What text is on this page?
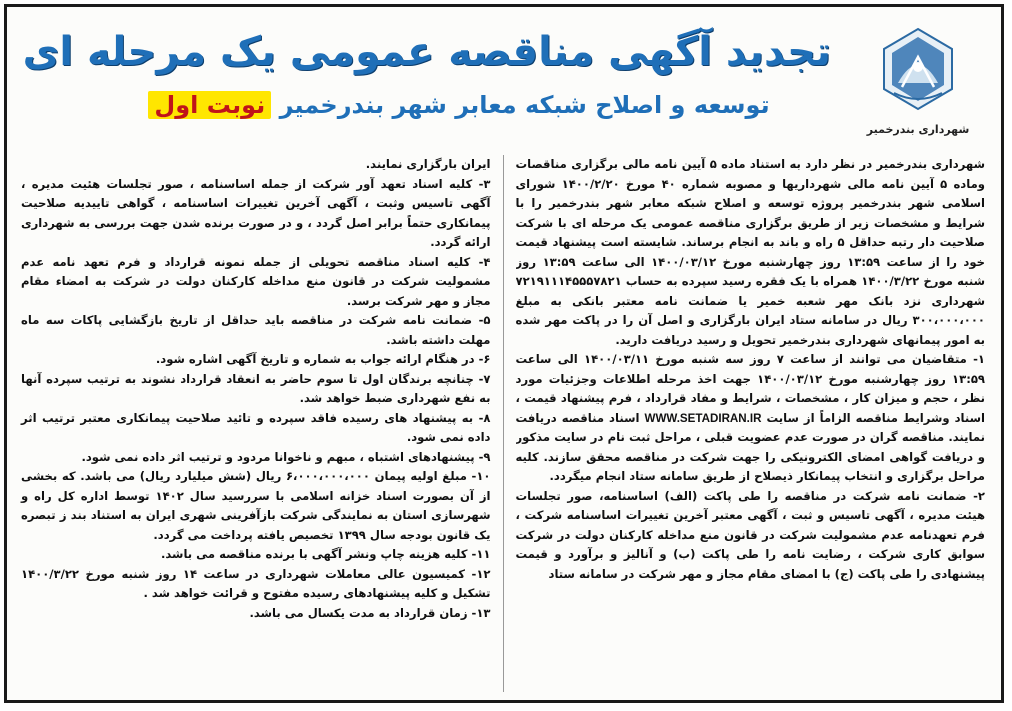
شهرداری بندرخمیر
تجدید آگهی مناقصه عمومی یک مرحله ای
توسعه و اصلاح شبکه معابر شهر بندرخمیر نوبت اول

شهرداری بندرخمیر در نظر دارد به استناد ماده ۵ آیین نامه مالی برگزاری مناقصات وماده ۵ آیین نامه مالی شهرداریها و مصوبه شماره ۴۰ مورخ ۱۴۰۰/۲/۲۰ شورای اسلامی شهر بندرخمیر پروژه توسعه و اصلاح شبکه معابر شهر بندرخمیر را با شرایط و مشخصات زیر از طریق برگزاری مناقصه عمومی یک مرحله ای با شرکت صلاحیت دار رتبه حداقل ۵ راه و باند به انجام برساند. شایسته است پیشنهاد قیمت خود را از ساعت ۱۳:۵۹ روز چهارشنبه مورخ ۱۴۰۰/۰۳/۱۲ الی ساعت ۱۳:۵۹ روز شنبه مورخ ۱۴۰۰/۳/۲۲ همراه با یک فقره رسید سپرده به حساب ۷۲۱۹۱۱۱۴۵۵۵۷۸۲۱ شهرداری نزد بانک مهر شعبه خمیر یا ضمانت نامه معتبر بانکی به مبلغ ۳۰۰،۰۰۰،۰۰۰ ریال در سامانه ستاد ایران بارگزاری و اصل آن را در پاکت مهر شده به امور پیمانهای شهرداری بندرخمیر تحویل و رسید دریافت دارید.

۱- متقاضیان می توانند از ساعت ۷ روز سه شنبه مورخ ۱۴۰۰/۰۳/۱۱ الی ساعت ۱۳:۵۹ روز چهارشنبه مورخ ۱۴۰۰/۰۳/۱۲ جهت اخذ مرحله اطلاعات وجزئیات مورد نظر ، حجم و میزان کار ، مشخصات ، شرایط و مفاد قرارداد ، فرم پیشنهاد قیمت ، اسناد وشرایط مناقصه الزاماً از سایت WWW.SETADIRAN.IR اسناد مناقصه دریافت نمایند. مناقصه گران در صورت عدم عضویت قبلی ، مراحل ثبت نام در سایت مذکور و دریافت گواهی امضای الکترونیکی را جهت شرکت در مناقصه محقق سازند. کلیه مراحل برگزاری و انتخاب پیمانکار ذیصلاح از طریق سامانه ستاد انجام میگردد.

۲- ضمانت نامه شرکت در مناقصه را طی پاکت (الف) اساسنامه، صور تجلسات هیئت مدیره ، آگهی تاسیس و ثبت ، آگهی معتبر آخرین تغییرات اساسنامه شرکت ، فرم تعهدنامه عدم مشمولیت شرکت در قانون منع مداخله کارکنان دولت در شرکت سوابق کاری شرکت ، رضایت نامه را طی پاکت (ب) و آنالیز و برآورد و قیمت پیشنهادی را طی پاکت (ج) با امضای مقام مجاز و مهر شرکت در سامانه ستاد

ایران بارگزاری نمایند.

۳- کلیه اسناد تعهد آور شرکت از جمله اساسنامه ، صور تجلسات هئیت مدیره ، آگهی تاسیس وثبت ، آگهی آخرین تغییرات اساسنامه ، گواهی تاییدیه صلاحیت پیمانکاری حتماً برابر اصل گردد ، و در صورت برنده شدن جهت بررسی به شهرداری ارائه گردد.

۴- کلیه اسناد مناقصه تحویلی از جمله نمونه قرارداد و فرم تعهد نامه عدم مشمولیت شرکت در قانون منع مداخله کارکنان دولت در شرکت به امضاء مقام مجاز و مهر شرکت برسد.

۵- ضمانت نامه شرکت در مناقصه باید حداقل از تاریخ بازگشایی پاکات سه ماه مهلت داشته باشد.

۶- در هنگام ارائه جواب به شماره و تاریخ آگهی اشاره شود.

۷- چنانچه برندگان اول تا سوم حاضر به انعقاد قرارداد نشوند به ترتیب سپرده آنها به نفع شهرداری ضبط خواهد شد.

۸- به پیشنهاد های رسیده فاقد سپرده و تائید صلاحیت پیمانکاری معتبر ترتیب اثر داده نمی شود.

۹- پیشنهادهای اشتباه ، مبهم و ناخوانا مردود و ترتیب اثر داده نمی شود.

۱۰- مبلغ اولیه پیمان ۶،۰۰۰،۰۰۰،۰۰۰ ریال (شش میلیارد ریال) می باشد. که بخشی از آن بصورت اسناد خزانه اسلامی با سررسید سال ۱۴۰۲ توسط اداره کل راه و شهرسازی استان به نمایندگی شرکت بازآفرینی شهری ایران به استناد بند ز تبصره یک قانون بودجه سال ۱۳۹۹ تخصیص یافته پرداخت می گردد.

۱۱- کلیه هزینه چاپ ونشر آگهی با برنده مناقصه می باشد.

۱۲- کمیسیون عالی معاملات شهرداری در ساعت ۱۴ روز شنبه مورخ ۱۴۰۰/۳/۲۲ تشکیل و کلیه پیشنهادهای رسیده مفتوح و قرائت خواهد شد .

۱۳- زمان قرارداد به مدت یکسال می باشد.
